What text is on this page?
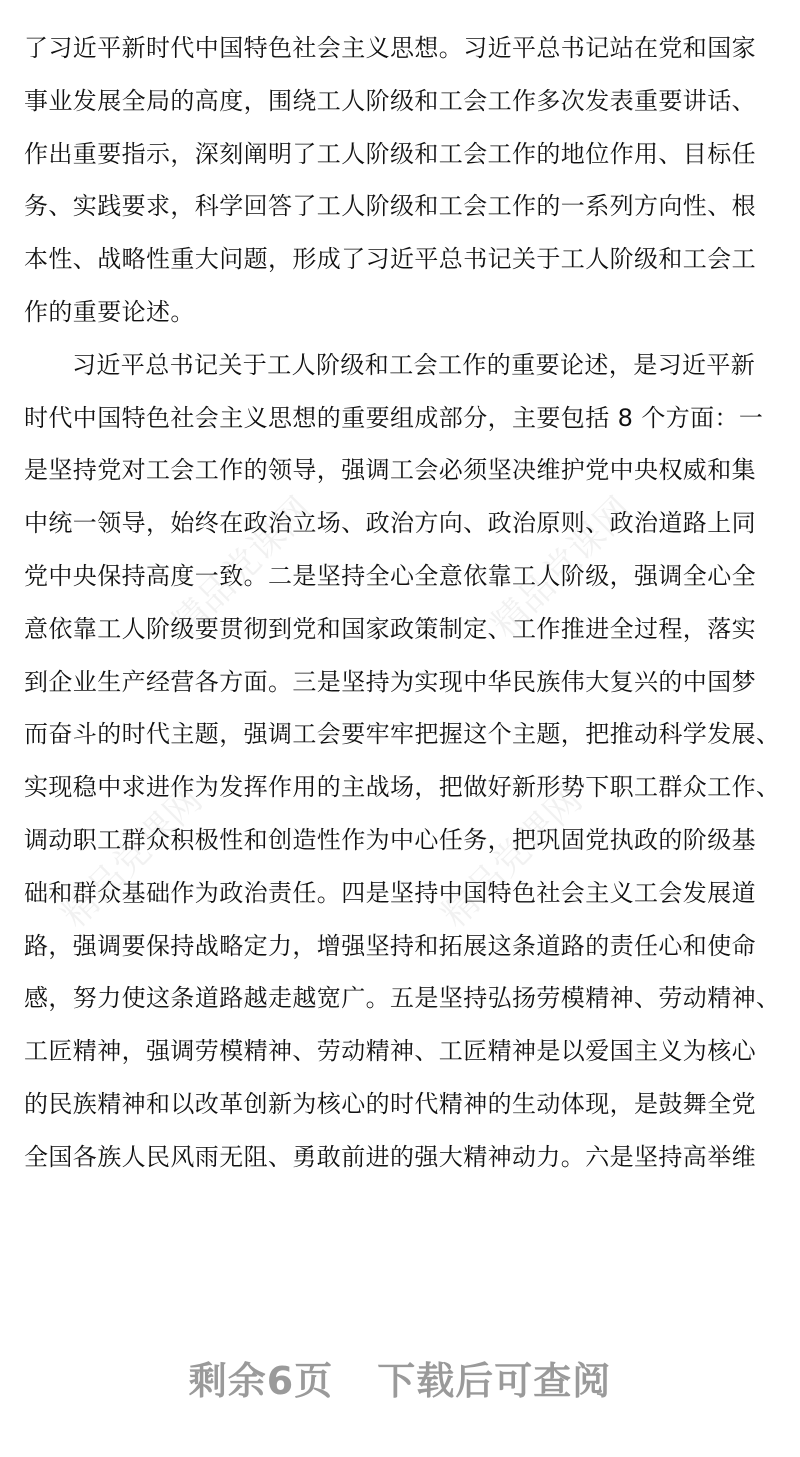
精品党课网	精品党课网
精品党课网	精品党课网
了习近平新时代中国特色社会主义思想。习近平总书记站在党和国家
事业发展全局的高度，围绕工人阶级和工会工作多次发表重要讲话、
作出重要指示，深刻阐明了工人阶级和工会工作的地位作用、目标任
务、实践要求，科学回答了工人阶级和工会工作的一系列方向性、根
本性、战略性重大问题，形成了习近平总书记关于工人阶级和工会工
作的重要论述。
习近平总书记关于工人阶级和工会工作的重要论述，是习近平新
时代中国特色社会主义思想的重要组成部分，主要包括 8 个方面：一
是坚持党对工会工作的领导，强调工会必须坚决维护党中央权威和集
中统一领导，始终在政治立场、政治方向、政治原则、政治道路上同
党中央保持高度一致。二是坚持全心全意依靠工人阶级，强调全心全
意依靠工人阶级要贯彻到党和国家政策制定、工作推进全过程，落实
到企业生产经营各方面。三是坚持为实现中华民族伟大复兴的中国梦
而奋斗的时代主题，强调工会要牢牢把握这个主题，把推动科学发展、
实现稳中求进作为发挥作用的主战场，把做好新形势下职工群众工作、
调动职工群众积极性和创造性作为中心任务，把巩固党执政的阶级基
础和群众基础作为政治责任。四是坚持中国特色社会主义工会发展道
路，强调要保持战略定力，增强坚持和拓展这条道路的责任心和使命
感，努力使这条道路越走越宽广。五是坚持弘扬劳模精神、劳动精神、
工匠精神，强调劳模精神、劳动精神、工匠精神是以爱国主义为核心
的民族精神和以改革创新为核心的时代精神的生动体现，是鼓舞全党
全国各族人民风雨无阻、勇敢前进的强大精神动力。六是坚持高举维
剩余6页 下载后可查阅
